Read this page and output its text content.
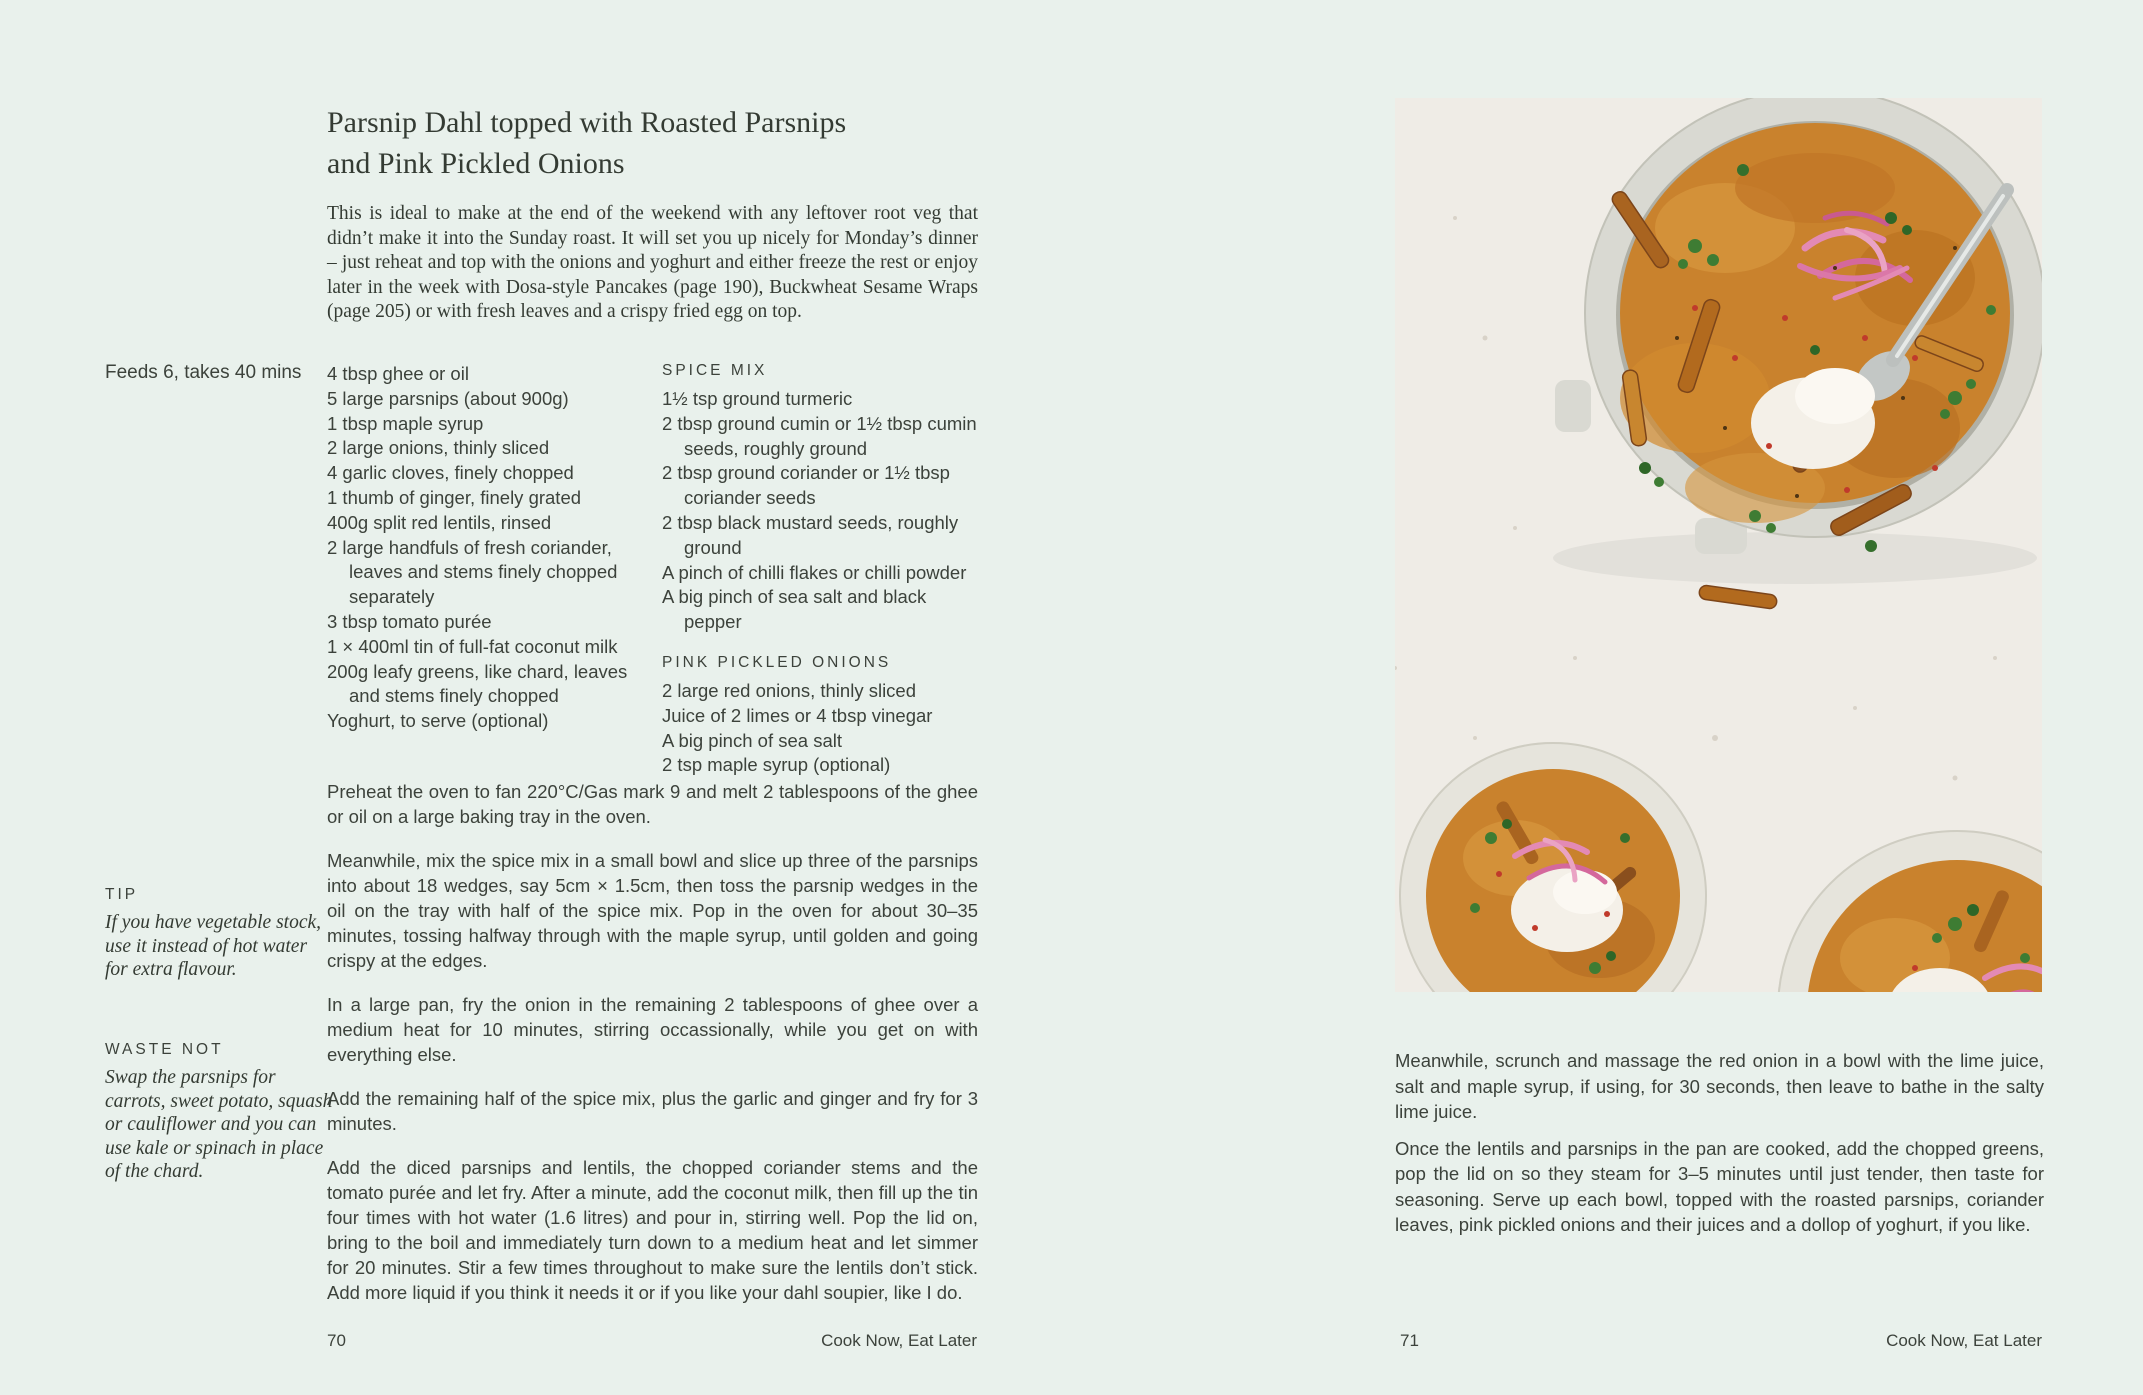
Feeds 6, takes 40 mins
Parsnip Dahl topped with Roasted Parsnips
and Pink Pickled Onions
This is ideal to make at the end of the weekend with any leftover root veg that didn’t make it into the Sunday roast. It will set you up nicely for Monday’s dinner – just reheat and top with the onions and yoghurt and either freeze the rest or enjoy later in the week with Dosa-style Pancakes (page 190), Buckwheat Sesame Wraps (page 205) or with fresh leaves and a crispy fried egg on top.
4 tbsp ghee or oil
5 large parsnips (about 900g)
1 tbsp maple syrup
2 large onions, thinly sliced
4 garlic cloves, finely chopped
1 thumb of ginger, finely grated
400g split red lentils, rinsed
2 large handfuls of fresh coriander, leaves and stems finely chopped separately
3 tbsp tomato purée
1 × 400ml tin of full-fat coconut milk
200g leafy greens, like chard, leaves and stems finely chopped
Yoghurt, to serve (optional)
SPICE MIX
1½ tsp ground turmeric
2 tbsp ground cumin or 1½ tbsp cumin seeds, roughly ground
2 tbsp ground coriander or 1½ tbsp coriander seeds
2 tbsp black mustard seeds, roughly ground
A pinch of chilli flakes or chilli powder
A big pinch of sea salt and black pepper
PINK PICKLED ONIONS
2 large red onions, thinly sliced
Juice of 2 limes or 4 tbsp vinegar
A big pinch of sea salt
2 tsp maple syrup (optional)

Preheat the oven to fan 220°C/Gas mark 9 and melt 2 tablespoons of the ghee or oil on a large baking tray in the oven.

Meanwhile, mix the spice mix in a small bowl and slice up three of the parsnips into about 18 wedges, say 5cm × 1.5cm, then toss the parsnip wedges in the oil on the tray with half of the spice mix. Pop in the oven for about 30–35 minutes, tossing halfway through with the maple syrup, until golden and going crispy at the edges.

In a large pan, fry the onion in the remaining 2 tablespoons of ghee over a medium heat for 10 minutes, stirring occassionally, while you get on with everything else.

Add the remaining half of the spice mix, plus the garlic and ginger and fry for 3 minutes.

Add the diced parsnips and lentils, the chopped coriander stems and the tomato purée and let fry. After a minute, add the coconut milk, then fill up the tin four times with hot water (1.6 litres) and pour in, stirring well. Pop the lid on, bring to the boil and immediately turn down to a medium heat and let simmer for 20 minutes. Stir a few times throughout to make sure the lentils don’t stick. Add more liquid if you think it needs it or if you like your dahl soupier, like I do.

TIP
If you have vegetable stock, use it instead of hot water for extra flavour.
WASTE NOT
Swap the parsnips for carrots, sweet potato, squash or cauliflower and you can use kale or spinach in place of the chard.
70	Cook Now, Eat Later

Meanwhile, scrunch and massage the red onion in a bowl with the lime juice, salt and maple syrup, if using, for 30 seconds, then leave to bathe in the salty lime juice.

Once the lentils and parsnips in the pan are cooked, add the chopped greens, pop the lid on so they steam for 3–5 minutes until just tender, then taste for seasoning. Serve up each bowl, topped with the roasted parsnips, coriander leaves, pink pickled onions and their juices and a dollop of yoghurt, if you like.

71	Cook Now, Eat Later
